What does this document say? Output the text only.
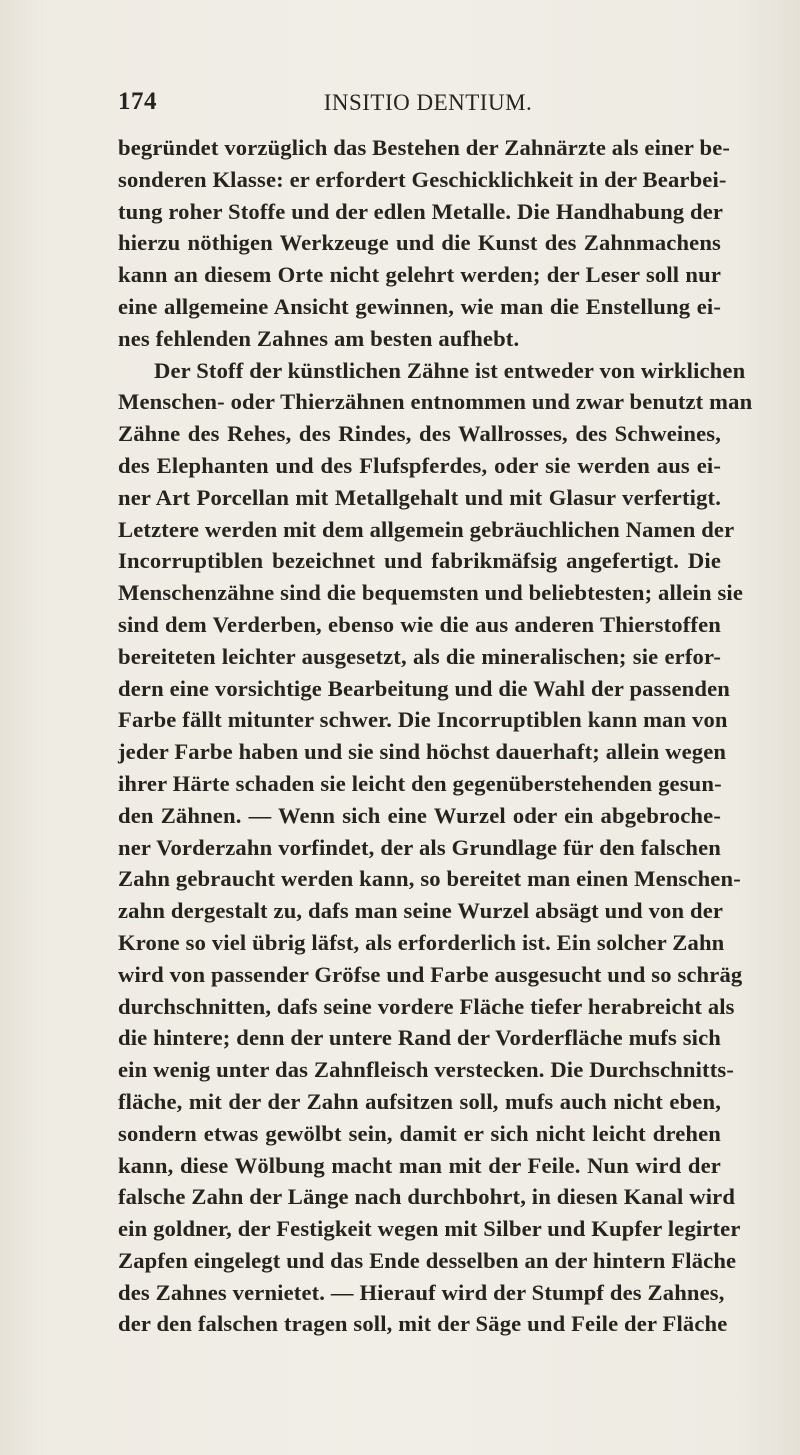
174	INSITIO DENTIUM.
begründet vorzüglich das Bestehen der Zahnärzte als einer be-
sonderen Klasse: er erfordert Geschicklichkeit in der Bearbei-
tung roher Stoffe und der edlen Metalle. Die Handhabung der
hierzu nöthigen Werkzeuge und die Kunst des Zahnmachens
kann an diesem Orte nicht gelehrt werden; der Leser soll nur
eine allgemeine Ansicht gewinnen, wie man die Enstellung ei-
nes fehlenden Zahnes am besten aufhebt.
Der Stoff der künstlichen Zähne ist entweder von wirklichen
Menschen- oder Thierzähnen entnommen und zwar benutzt man
Zähne des Rehes, des Rindes, des Wallrosses, des Schweines,
des Elephanten und des Flufspferdes, oder sie werden aus ei-
ner Art Porcellan mit Metallgehalt und mit Glasur verfertigt.
Letztere werden mit dem allgemein gebräuchlichen Namen der
Incorruptiblen bezeichnet und fabrikmäfsig angefertigt. Die
Menschenzähne sind die bequemsten und beliebtesten; allein sie
sind dem Verderben, ebenso wie die aus anderen Thierstoffen
bereiteten leichter ausgesetzt, als die mineralischen; sie erfor-
dern eine vorsichtige Bearbeitung und die Wahl der passenden
Farbe fällt mitunter schwer. Die Incorruptiblen kann man von
jeder Farbe haben und sie sind höchst dauerhaft; allein wegen
ihrer Härte schaden sie leicht den gegenüberstehenden gesun-
den Zähnen. — Wenn sich eine Wurzel oder ein abgebroche-
ner Vorderzahn vorfindet, der als Grundlage für den falschen
Zahn gebraucht werden kann, so bereitet man einen Menschen-
zahn dergestalt zu, dafs man seine Wurzel absägt und von der
Krone so viel übrig läfst, als erforderlich ist. Ein solcher Zahn
wird von passender Gröfse und Farbe ausgesucht und so schräg
durchschnitten, dafs seine vordere Fläche tiefer herabreicht als
die hintere; denn der untere Rand der Vorderfläche mufs sich
ein wenig unter das Zahnfleisch verstecken. Die Durchschnitts-
fläche, mit der der Zahn aufsitzen soll, mufs auch nicht eben,
sondern etwas gewölbt sein, damit er sich nicht leicht drehen
kann, diese Wölbung macht man mit der Feile. Nun wird der
falsche Zahn der Länge nach durchbohrt, in diesen Kanal wird
ein goldner, der Festigkeit wegen mit Silber und Kupfer legirter
Zapfen eingelegt und das Ende desselben an der hintern Fläche
des Zahnes vernietet. — Hierauf wird der Stumpf des Zahnes,
der den falschen tragen soll, mit der Säge und Feile der Fläche
